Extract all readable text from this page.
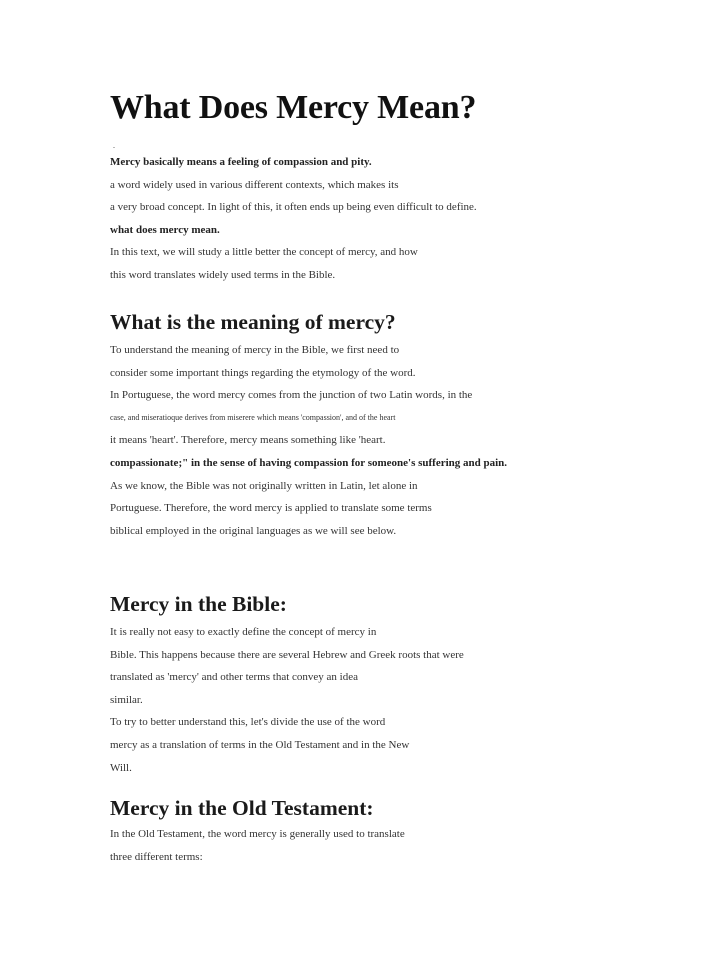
What Does Mercy Mean?

Mercy basically means a feeling of compassion and pity.

a word widely used in various different contexts, which makes its

a very broad concept. In light of this, it often ends up being even difficult to define.

what does mercy mean.

In this text, we will study a little better the concept of mercy, and how

this word translates widely used terms in the Bible.

What is the meaning of mercy?

To understand the meaning of mercy in the Bible, we first need to

consider some important things regarding the etymology of the word.

In Portuguese, the word mercy comes from the junction of two Latin words, in the

case, and miseratioque derives from miserere which means 'compassion', and of the heart

it means 'heart'. Therefore, mercy means something like 'heart.

compassionate;" in the sense of having compassion for someone's suffering and pain.

As we know, the Bible was not originally written in Latin, let alone in

Portuguese. Therefore, the word mercy is applied to translate some terms

biblical employed in the original languages as we will see below.

Mercy in the Bible:

It is really not easy to exactly define the concept of mercy in

Bible. This happens because there are several Hebrew and Greek roots that were

translated as 'mercy' and other terms that convey an idea

similar.

To try to better understand this, let's divide the use of the word

mercy as a translation of terms in the Old Testament and in the New

Will.

Mercy in the Old Testament:

In the Old Testament, the word mercy is generally used to translate

three different terms:
